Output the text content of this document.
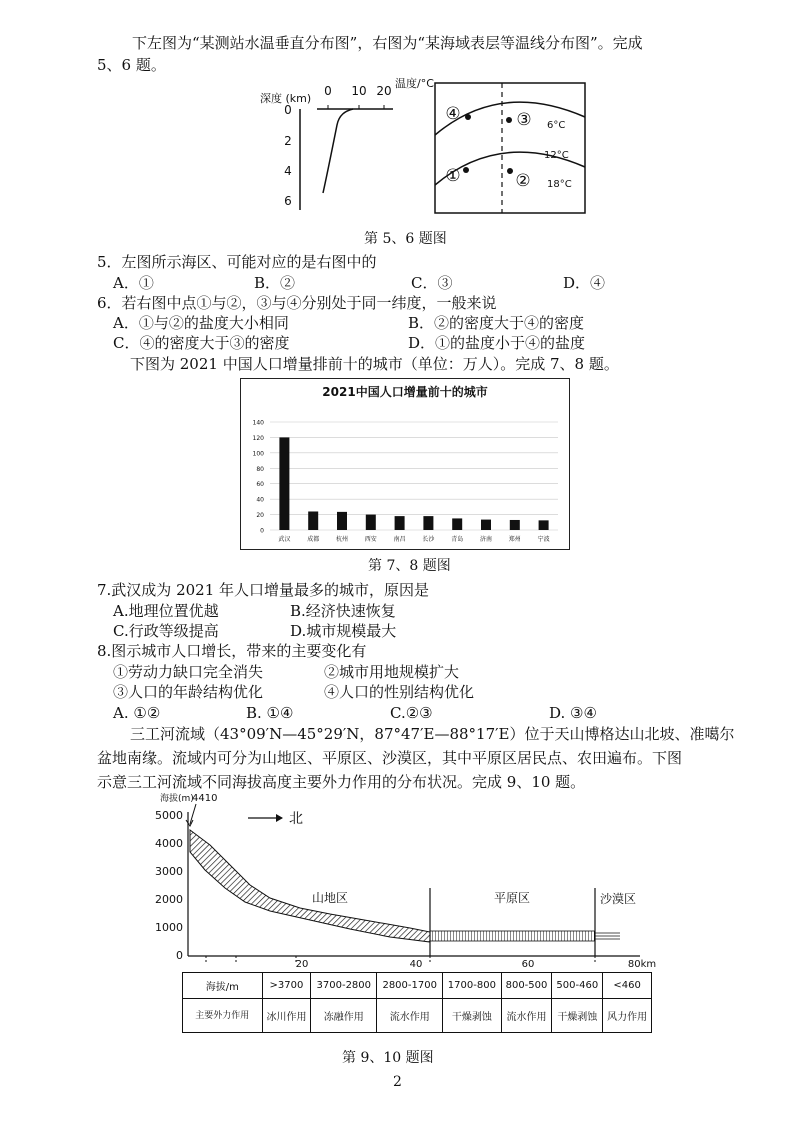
下左图为“某测站水温垂直分布图”，右图为“某海域表层等温线分布图”。完成
5、6 题。
深度 (km)
0 10 20
0
2
4
6
温度/°C
6°C
12°C
18°C
④	③
①	②
第 5、6 题图
5．左图所示海区、可能对应的是右图中的
A．①	B．②	C．③	D．④
6．若右图中点①与②，③与④分别处于同一纬度，一般来说
A．①与②的盐度大小相同	B．②的密度大于④的密度
C．④的密度大于③的密度	D．①的盐度小于④的盐度
下图为 2021 中国人口增量排前十的城市（单位：万人）。完成 7、8 题。
2021中国人口增量前十的城市
0
20
40
60
80
100
120
140
武汉	成都	杭州	西安	南昌	长沙	青岛	济南	郑州	宁波
第 7、8 题图
7.武汉成为 2021 年人口增量最多的城市，原因是
A.地理位置优越	B.经济快速恢复
C.行政等级提高	D.城市规模最大
8.图示城市人口增长，带来的主要变化有
①劳动力缺口完全消失	②城市用地规模扩大
③人口的年龄结构优化	④人口的性别结构优化
A. ①②	B. ①④	C.②③	D. ③④
三工河流域（43°09′N—45°29′N，87°47′E—88°17′E）位于天山博格达山北坡、准噶尔
盆地南缘。流域内可分为山地区、平原区、沙漠区，其中平原区居民点、农田遍布。下图
示意三工河流域不同海拔高度主要外力作用的分布状况。完成 9、10 题。
海拔(m)
4410
0
1000
2000
3000
4000
5000	北
山地区	平原区	沙漠区
20	40	60	80km
海拔/m	>3700	3700-2800	2800-1700	1700-800	800-500	500-460	<460
主要外力作用	冰川作用	冻融作用	流水作用	干燥剥蚀	流水作用	干燥剥蚀	风力作用
第 9、10 题图
2
